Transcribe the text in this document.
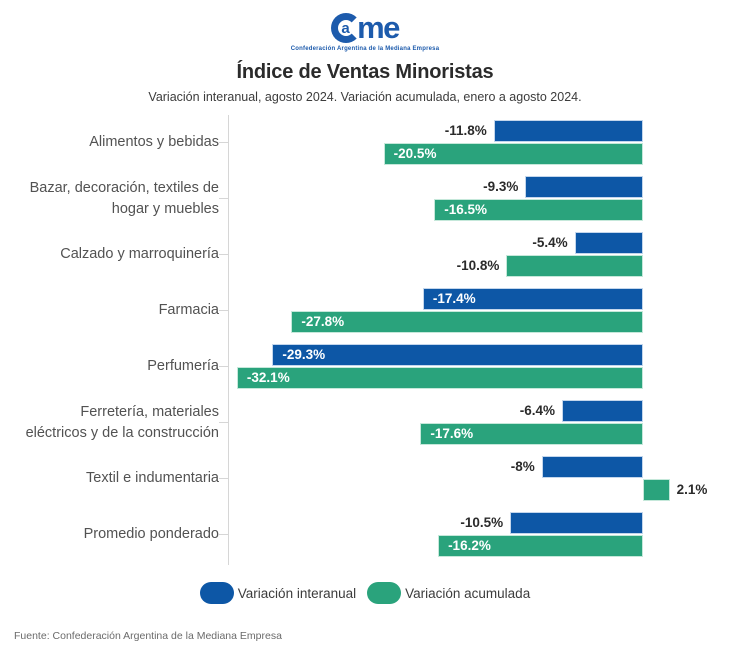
a me
Confederación Argentina de la Mediana Empresa
Índice de Ventas Minoristas
Variación interanual, agosto 2024. Variación acumulada, enero a agosto 2024.
Alimentos y bebidas
-11.8%
-20.5%
Bazar, decoración, textiles de
hogar y muebles
-9.3%
-16.5%
Calzado y marroquinería
-5.4%
-10.8%
Farmacia
-17.4%
-27.8%
Perfumería
-29.3%
-32.1%
Ferretería, materiales
eléctricos y de la construcción
-6.4%
-17.6%
Textil e indumentaria
-8%
2.1%
Promedio ponderado
-10.5%
-16.2%
Variación interanual	Variación acumulada
Fuente: Confederación Argentina de la Mediana Empresa
